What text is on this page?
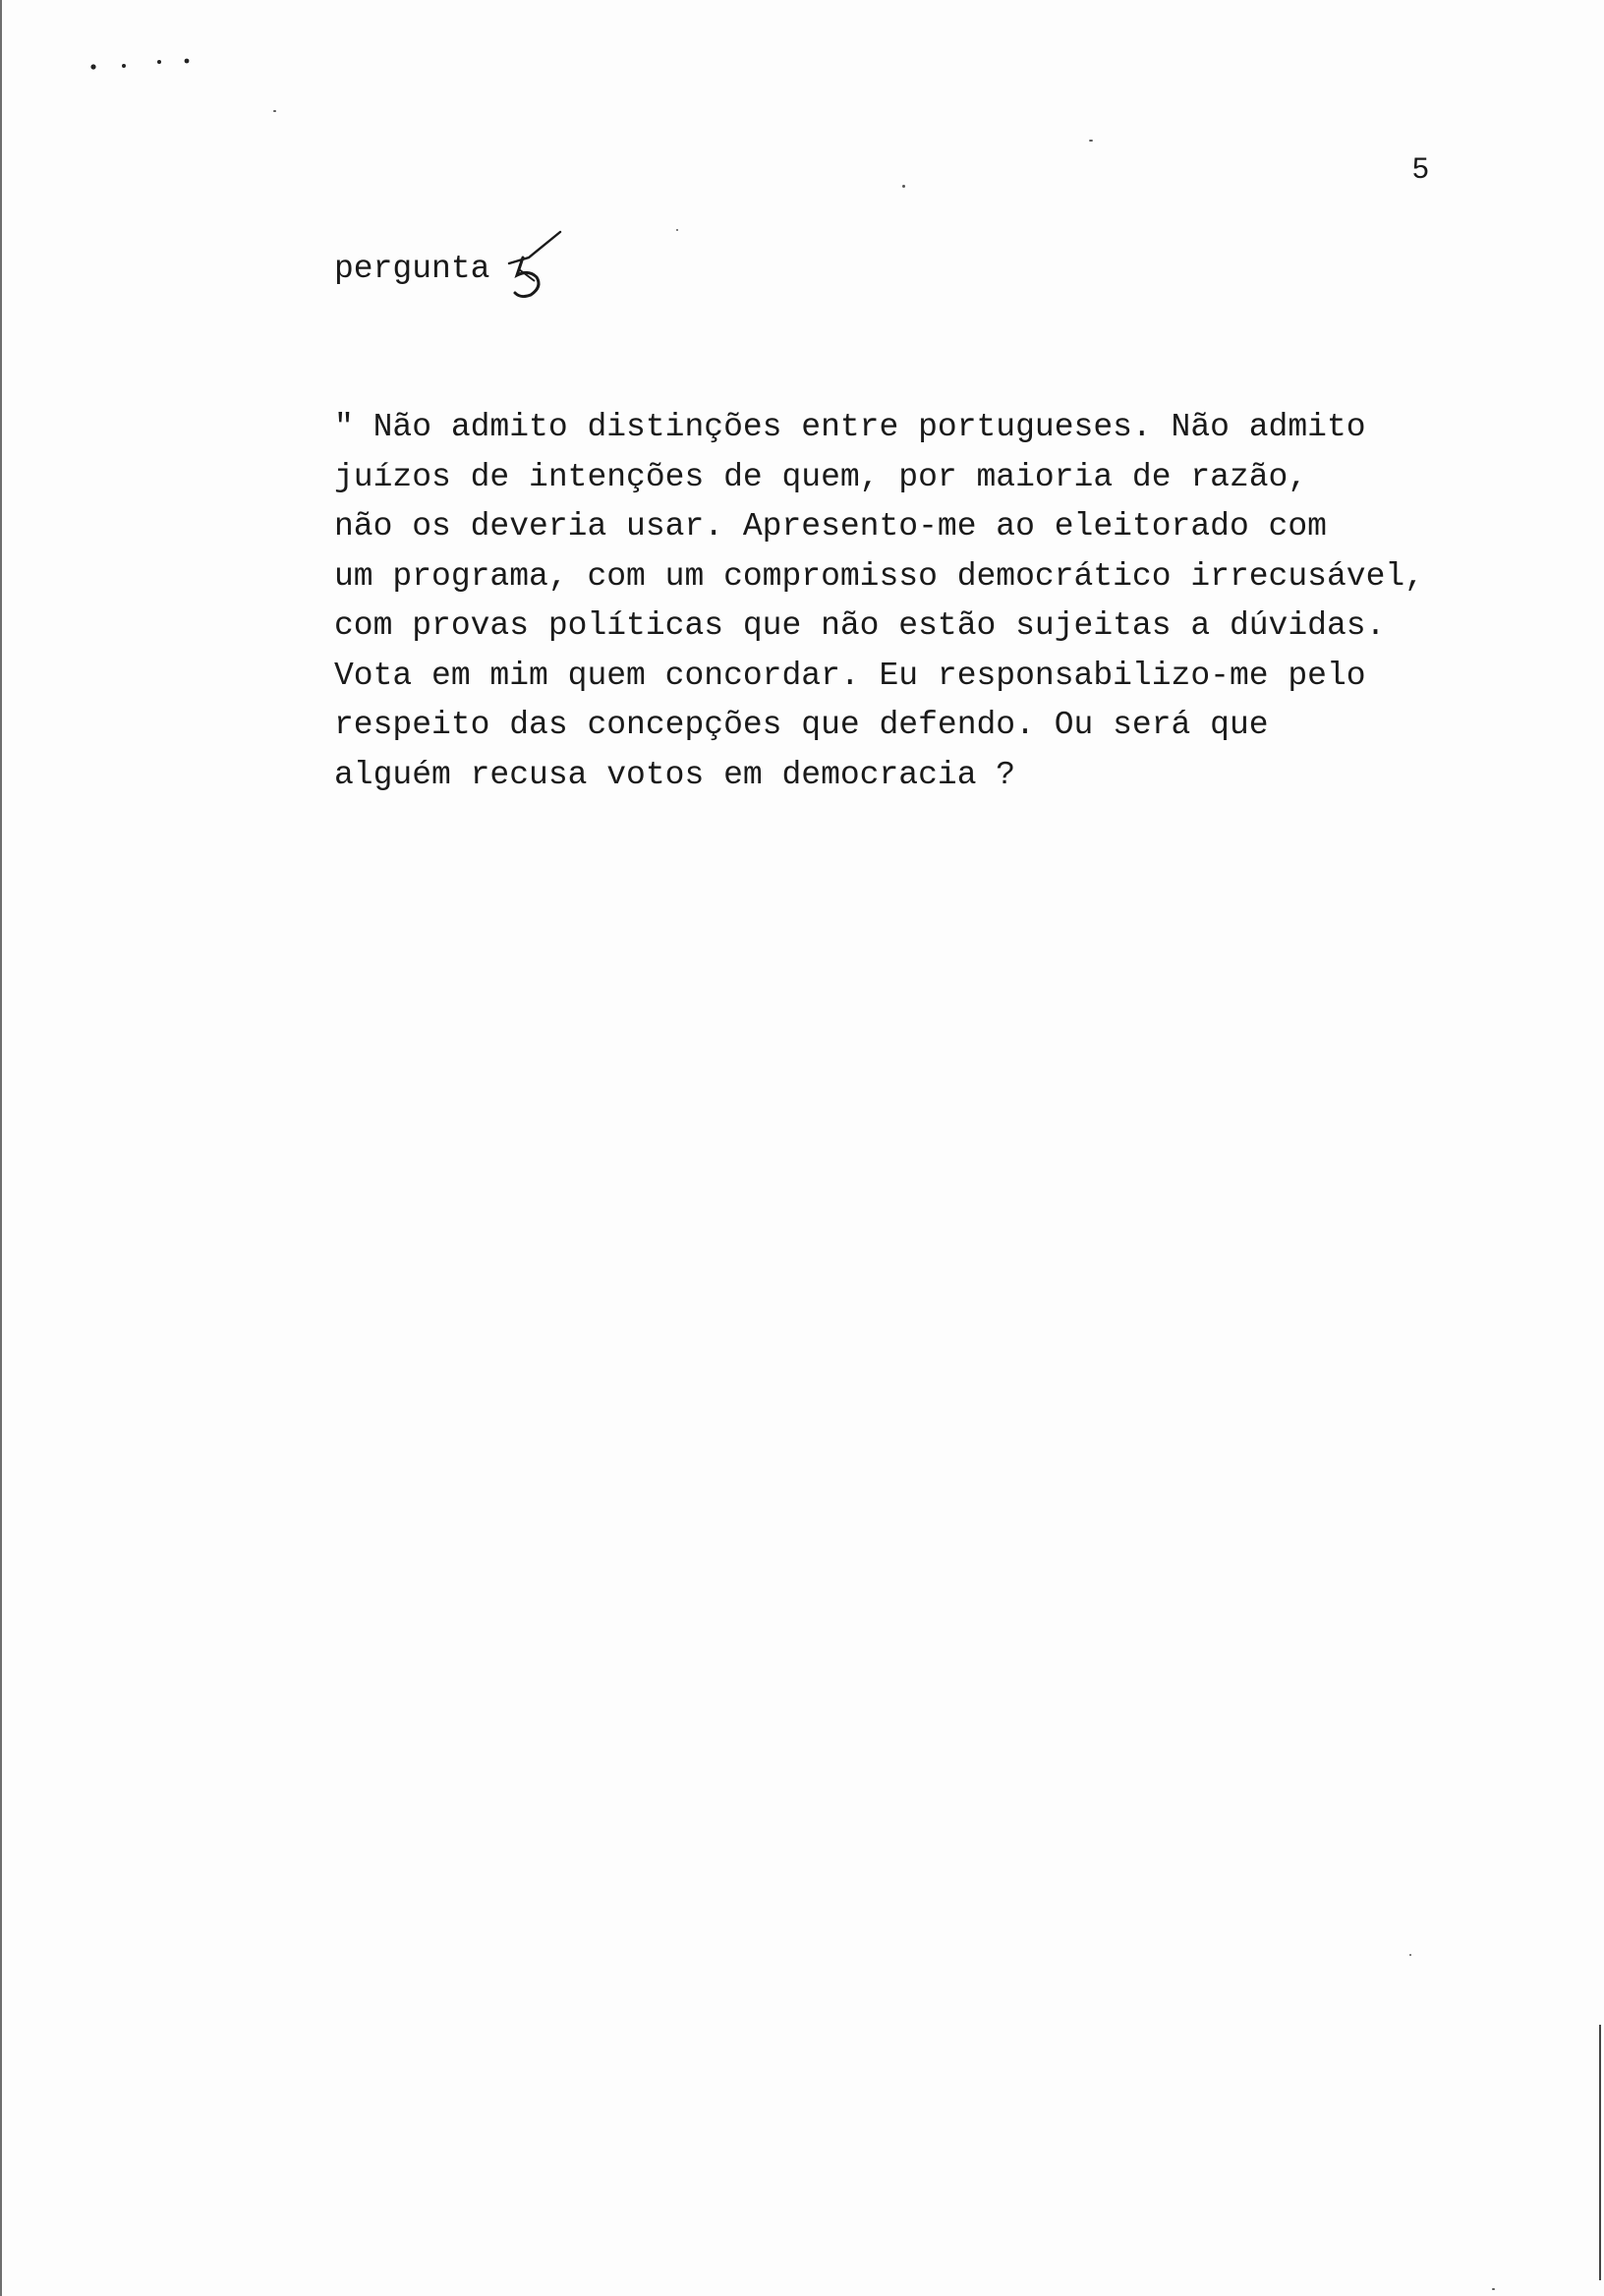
5
pergunta
" Não admito distinções entre portugueses. Não admito
juízos de intenções de quem, por maioria de razão,
não os deveria usar. Apresento-me ao eleitorado com
um programa, com um compromisso democrático irrecusável,
com provas políticas que não estão sujeitas a dúvidas.
Vota em mim quem concordar. Eu responsabilizo-me pelo
respeito das concepções que defendo. Ou será que
alguém recusa votos em democracia ?
